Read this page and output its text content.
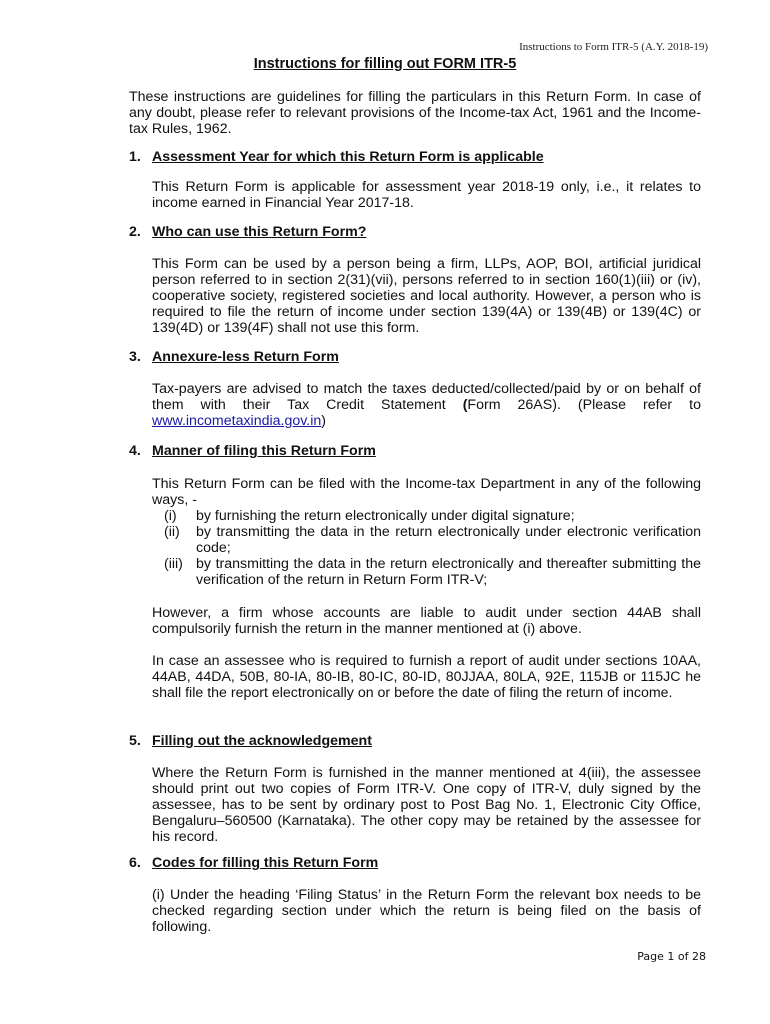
Instructions to Form ITR-5 (A.Y. 2018-19)
Instructions for filling out FORM ITR-5
These instructions are guidelines for filling the particulars in this Return Form. In case of any doubt, please refer to relevant provisions of the Income-tax Act, 1961 and the Income-tax Rules, 1962.
1. Assessment Year for which this Return Form is applicable
This Return Form is applicable for assessment year 2018-19 only, i.e., it relates to income earned in Financial Year 2017-18.
2. Who can use this Return Form?
This Form can be used by a person being a firm, LLPs, AOP, BOI, artificial juridical person referred to in section 2(31)(vii), persons referred to in section 160(1)(iii) or (iv), cooperative society, registered societies and local authority. However, a person who is required to file the return of income under section 139(4A) or 139(4B) or 139(4C) or 139(4D) or 139(4F) shall not use this form.
3. Annexure-less Return Form
Tax-payers are advised to match the taxes deducted/collected/paid by or on behalf of them with their Tax Credit Statement (Form 26AS). (Please refer to www.incometaxindia.gov.in)
4. Manner of filing this Return Form
This Return Form can be filed with the Income-tax Department in any of the following ways, -
(i)	by furnishing the return electronically under digital signature;
(ii)	by transmitting the data in the return electronically under electronic verification code;
(iii) by transmitting the data in the return electronically and thereafter submitting the verification of the return in Return Form ITR-V;
However, a firm whose accounts are liable to audit under section 44AB shall compulsorily furnish the return in the manner mentioned at (i) above.
In case an assessee who is required to furnish a report of audit under sections 10AA, 44AB, 44DA, 50B, 80-IA, 80-IB, 80-IC, 80-ID, 80JJAA, 80LA, 92E, 115JB or 115JC he shall file the report electronically on or before the date of filing the return of income.
5. Filling out the acknowledgement
Where the Return Form is furnished in the manner mentioned at 4(iii), the assessee should print out two copies of Form ITR-V. One copy of ITR-V, duly signed by the assessee, has to be sent by ordinary post to Post Bag No. 1, Electronic City Office, Bengaluru–560500 (Karnataka). The other copy may be retained by the assessee for his record.
6. Codes for filling this Return Form
(i) Under the heading ‘Filing Status’ in the Return Form the relevant box needs to be checked regarding section under which the return is being filed on the basis of following.
Page 1 of 28
